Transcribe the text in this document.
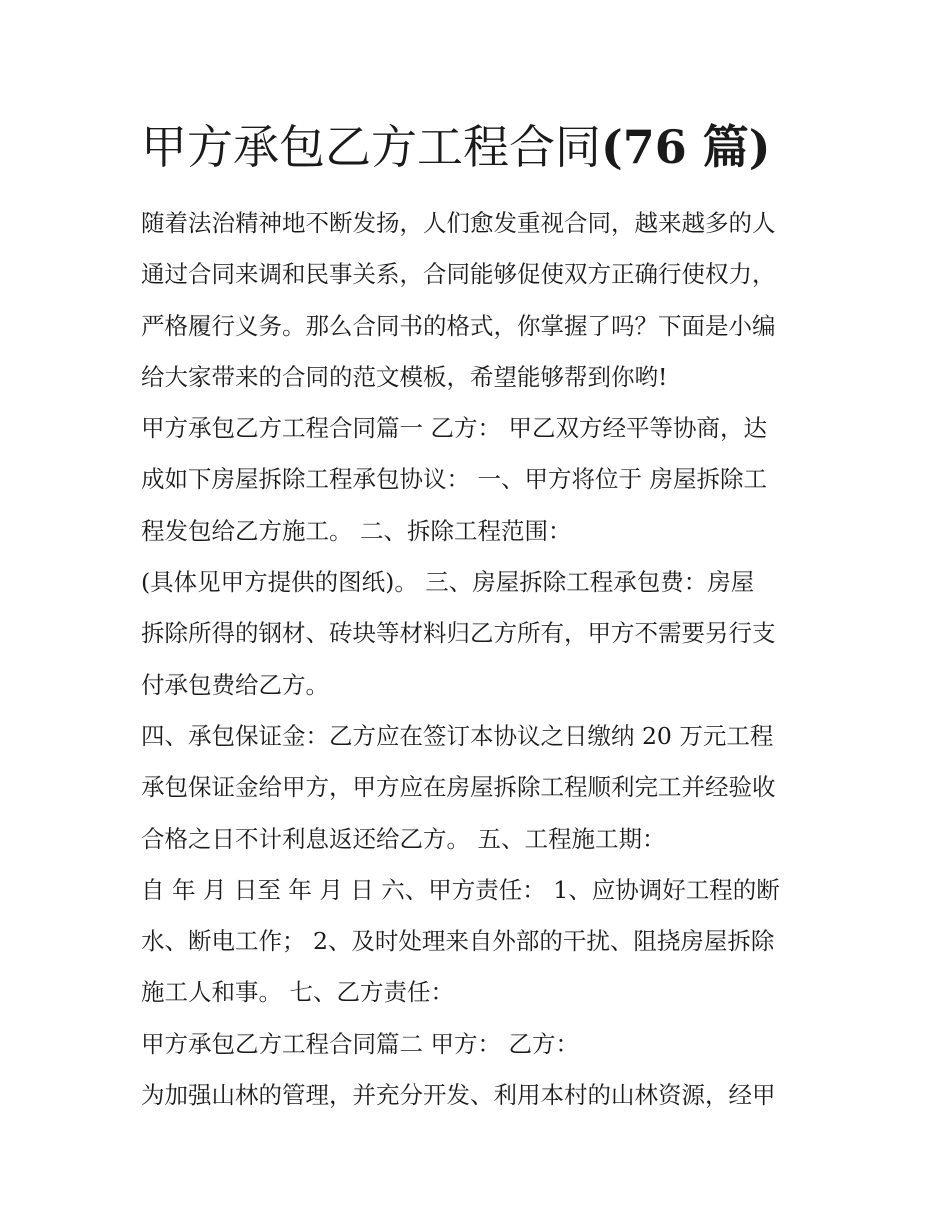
甲方承包乙方工程合同(76 篇)
随着法治精神地不断发扬，人们愈发重视合同，越来越多的人
通过合同来调和民事关系，合同能够促使双方正确行使权力，
严格履行义务。那么合同书的格式，你掌握了吗？下面是小编
给大家带来的合同的范文模板，希望能够帮到你哟!
甲方承包乙方工程合同篇一 乙方： 甲乙双方经平等协商，达
成如下房屋拆除工程承包协议： 一、甲方将位于 房屋拆除工
程发包给乙方施工。 二、拆除工程范围：
(具体见甲方提供的图纸)。 三、房屋拆除工程承包费：房屋
拆除所得的钢材、砖块等材料归乙方所有，甲方不需要另行支
付承包费给乙方。
四、承包保证金：乙方应在签订本协议之日缴纳 20 万元工程
承包保证金给甲方，甲方应在房屋拆除工程顺利完工并经验收
合格之日不计利息返还给乙方。 五、工程施工期：
自 年 月 日至 年 月 日 六、甲方责任： 1、应协调好工程的断
水、断电工作； 2、及时处理来自外部的干扰、阻挠房屋拆除
施工人和事。 七、乙方责任：
甲方承包乙方工程合同篇二 甲方： 乙方：
为加强山林的管理，并充分开发、利用本村的山林资源，经甲
